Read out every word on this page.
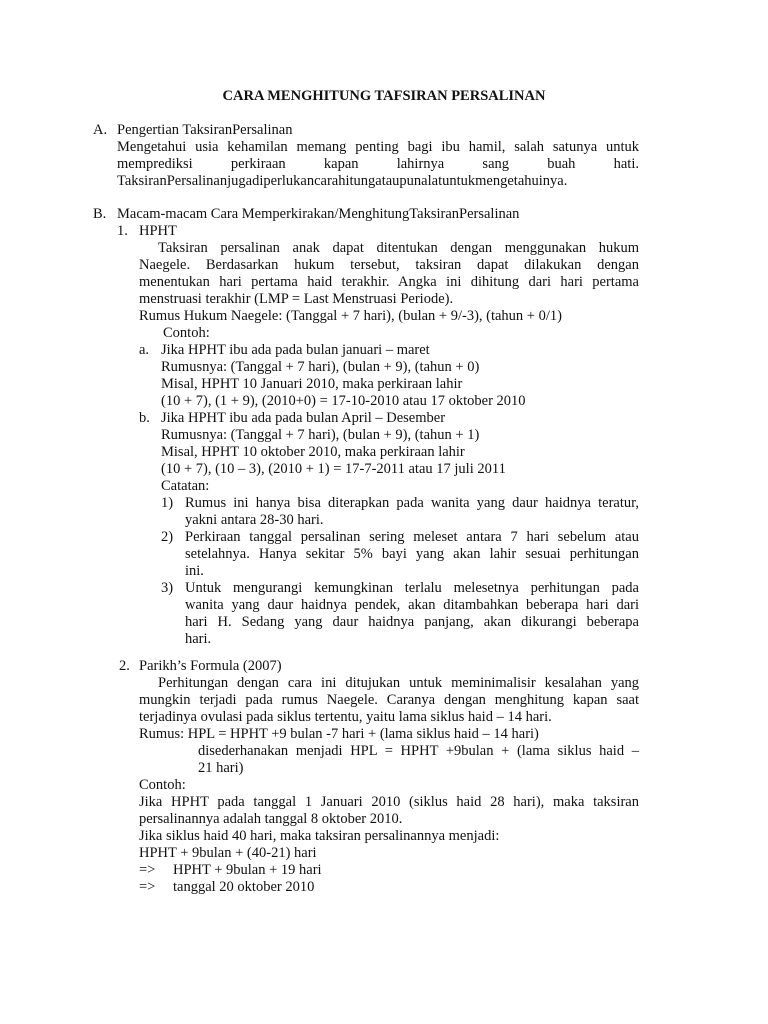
CARA MENGHITUNG TAFSIRAN PERSALINAN
A. Pengertian TaksiranPersalinan
Mengetahui usia kehamilan memang penting bagi ibu hamil, salah satunya untuk
memprediksi perkiraan kapan lahirnya sang buah hati.
TaksiranPersalinanjugadiperlukancarahitungataupunalatuntukmengetahuinya.
B. Macam-macam Cara Memperkirakan/MenghitungTaksiranPersalinan
1. HPHT
Taksiran persalinan anak dapat ditentukan dengan menggunakan hukum
Naegele. Berdasarkan hukum tersebut, taksiran dapat dilakukan dengan
menentukan hari pertama haid terakhir. Angka ini dihitung dari hari pertama
menstruasi terakhir (LMP = Last Menstruasi Periode).
Rumus Hukum Naegele: (Tanggal + 7 hari), (bulan + 9/-3), (tahun + 0/1)
Contoh:
a. Jika HPHT ibu ada pada bulan januari – maret
Rumusnya: (Tanggal + 7 hari), (bulan + 9), (tahun + 0)
Misal, HPHT 10 Januari 2010, maka perkiraan lahir
(10 + 7), (1 + 9), (2010+0) = 17-10-2010 atau 17 oktober 2010
b. Jika HPHT ibu ada pada bulan April – Desember
Rumusnya: (Tanggal + 7 hari), (bulan + 9), (tahun + 1)
Misal, HPHT 10 oktober 2010, maka perkiraan lahir
(10 + 7), (10 – 3), (2010 + 1) = 17-7-2011 atau 17 juli 2011
Catatan:
1) Rumus ini hanya bisa diterapkan pada wanita yang daur haidnya teratur,
yakni antara 28-30 hari.
2) Perkiraan tanggal persalinan sering meleset antara 7 hari sebelum atau
setelahnya. Hanya sekitar 5% bayi yang akan lahir sesuai perhitungan
ini.
3) Untuk mengurangi kemungkinan terlalu melesetnya perhitungan pada
wanita yang daur haidnya pendek, akan ditambahkan beberapa hari dari
hari H. Sedang yang daur haidnya panjang, akan dikurangi beberapa
hari.
2. Parikh’s Formula (2007)
Perhitungan dengan cara ini ditujukan untuk meminimalisir kesalahan yang
mungkin terjadi pada rumus Naegele. Caranya dengan menghitung kapan saat
terjadinya ovulasi pada siklus tertentu, yaitu lama siklus haid – 14 hari.
Rumus: HPL = HPHT +9 bulan -7 hari + (lama siklus haid – 14 hari)
disederhanakan menjadi HPL = HPHT +9bulan + (lama siklus haid –
21 hari)
Contoh:
Jika HPHT pada tanggal 1 Januari 2010 (siklus haid 28 hari), maka taksiran
persalinannya adalah tanggal 8 oktober 2010.
Jika siklus haid 40 hari, maka taksiran persalinannya menjadi:
HPHT + 9bulan + (40-21) hari
=> HPHT + 9bulan + 19 hari
=> tanggal 20 oktober 2010
